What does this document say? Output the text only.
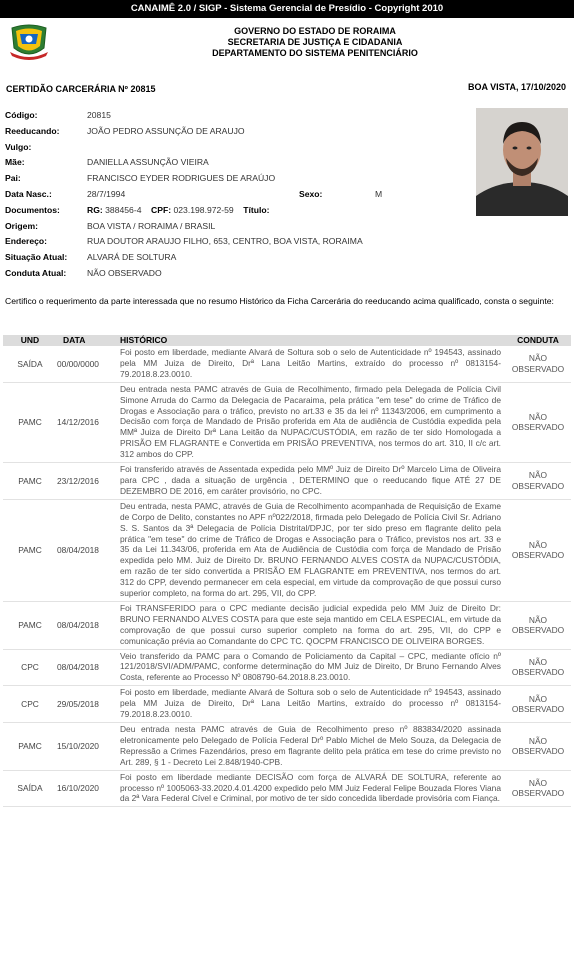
CANAIMÊ 2.0 / SIGP - Sistema Gerencial de Presídio - Copyright 2010
GOVERNO DO ESTADO DE RORAIMA
SECRETARIA DE JUSTIÇA E CIDADANIA
DEPARTAMENTO DO SISTEMA PENITENCIÁRIO
CERTIDÃO CARCERÁRIA Nº 20815	BOA VISTA, 17/10/2020
Código:	20815
Reeducando:	JOÃO PEDRO ASSUNÇÃO DE ARAUJO
Vulgo:
Mãe:	DANIELLA ASSUNÇÃO VIEIRA
Pai:	FRANCISCO EYDER RODRIGUES DE ARAÚJO
Data Nasc.:	28/7/1994	Sexo:	M
Documentos:	RG: 388456-4 CPF: 023.198.972-59 Título:
Origem:	BOA VISTA / RORAIMA / BRASIL
Endereço:	RUA DOUTOR ARAUJO FILHO, 653, CENTRO, BOA VISTA, RORAIMA
Situação Atual: ALVARÁ DE SOLTURA
Conduta Atual: NÃO OBSERVADO
Certifico o requerimento da parte interessada que no resumo Histórico da Ficha Carcerária do reeducando acima qualificado, consta o seguinte:
UND	DATA	HISTÓRICO	CONDUTA
SAÍDA	00/00/0000
Foi posto em liberdade, mediante Alvará de Soltura sob o selo de Autenticidade nº 194543, assinado pela MM Juiza de Direito, Drª Lana Leitão Martins, extraído do processo nº 0813154-79.2018.8.23.0010.
NÃO OBSERVADO
PAMC	14/12/2016
Deu entrada nesta PAMC através de Guia de Recolhimento, firmado pela Delegada de Polícia Civil Simone Arruda do Carmo da Delegacia de Pacaraima, pela prática "em tese" do crime de Tráfico de Drogas e Associação para o tráfico, previsto no art.33 e 35 da lei nº 11343/2006, em cumprimento a Decisão com força de Mandado de Prisão proferida em Ata de audiência de Custódia expedida pela MMª Juiza de Direito Drª Lana Leitão da NUPAC/CUSTÓDIA, em razão de ter sido Homologada a PRISÃO EM FLAGRANTE e Convertida em PRISÃO PREVENTIVA, nos termos do art. 310, II c/c art. 312 ambos do CPP.
NÃO OBSERVADO
PAMC	23/12/2016
Foi transferido através de Assentada expedida pelo MMº Juiz de Direito Drº Marcelo Lima de Oliveira para CPC , dada a situação de urgência , DETERMINO que o reeducando fique ATÉ 27 DE DEZEMBRO DE 2016, em caráter provisório, no CPC.
NÃO OBSERVADO
PAMC	08/04/2018
Deu entrada, nesta PAMC, através de Guia de Recolhimento acompanhada de Requisição de Exame de Corpo de Delito, constantes no APF nº022/2018, firmada pelo Delegado de Polícia Civil Sr. Adriano S. S. Santos da 3ª Delegacia de Polícia Distrital/DPJC, por ter sido preso em flagrante delito pela prática "em tese" do crime de Tráfico de Drogas e Associação para o Tráfico, previstos nos art. 33 e 35 da Lei 11.343/06, proferida em Ata de Audiência de Custódia com força de Mandado de Prisão expedida pelo MM. Juiz de Direito Dr. BRUNO FERNANDO ALVES COSTA da NUPAC/CUSTÓDIA, em razão de ter sido convertida a PRISÃO EM FLAGRANTE em PREVENTIVA, nos termos do art. 312 do CPP, devendo permanecer em cela especial, em virtude da comprovação de que possui curso superior completo, na forma do art. 295, VII, do CPP.
NÃO OBSERVADO
PAMC	08/04/2018
Foi TRANSFERIDO para o CPC mediante decisão judicial expedida pelo MM Juiz de Direito Dr: BRUNO FERNANDO ALVES COSTA para que este seja mantido em CELA ESPECIAL, em virtude da comprovação de que possui curso superior completo na forma do art. 295, VII, do CPP e comunicação prévia ao Comandante do CPC TC. QOCPM FRANCISCO DE OLIVEIRA BORGES.
NÃO OBSERVADO
CPC	08/04/2018
Veio transferido da PAMC para o Comando de Policiamento da Capital – CPC, mediante ofício nº 121/2018/SVI/ADM/PAMC, conforme determinação do MM Juiz de Direito, Dr Bruno Fernando Alves Costa, referente ao Processo Nº 0808790-64.2018.8.23.0010.
NÃO OBSERVADO
CPC	29/05/2018
Foi posto em liberdade, mediante Alvará de Soltura sob o selo de Autenticidade nº 194543, assinado pela MM Juiza de Direito, Drª Lana Leitão Martins, extraído do processo nº 0813154-79.2018.8.23.0010.
NÃO OBSERVADO
PAMC	15/10/2020
Deu entrada nesta PAMC através de Guia de Recolhimento preso nº 883834/2020 assinada eletronicamente pelo Delegado de Polícia Federal Drº Pablo Michel de Melo Souza, da Delegacia de Repressão a Crimes Fazendários, preso em flagrante delito pela prática em tese do crime previsto no Art. 289, § 1 - Decreto Lei 2.848/1940-CPB.
NÃO OBSERVADO
SAÍDA	16/10/2020
Foi posto em liberdade mediante DECISÃO com força de ALVARÁ DE SOLTURA, referente ao processo nº 1005063-33.2020.4.01.4200 expedido pelo MM Juiz Federal Felipe Bouzada Flores Viana da 2ª Vara Federal Cível e Criminal, por motivo de ter sido concedida liberdade provisória com Fiança.
NÃO OBSERVADO
